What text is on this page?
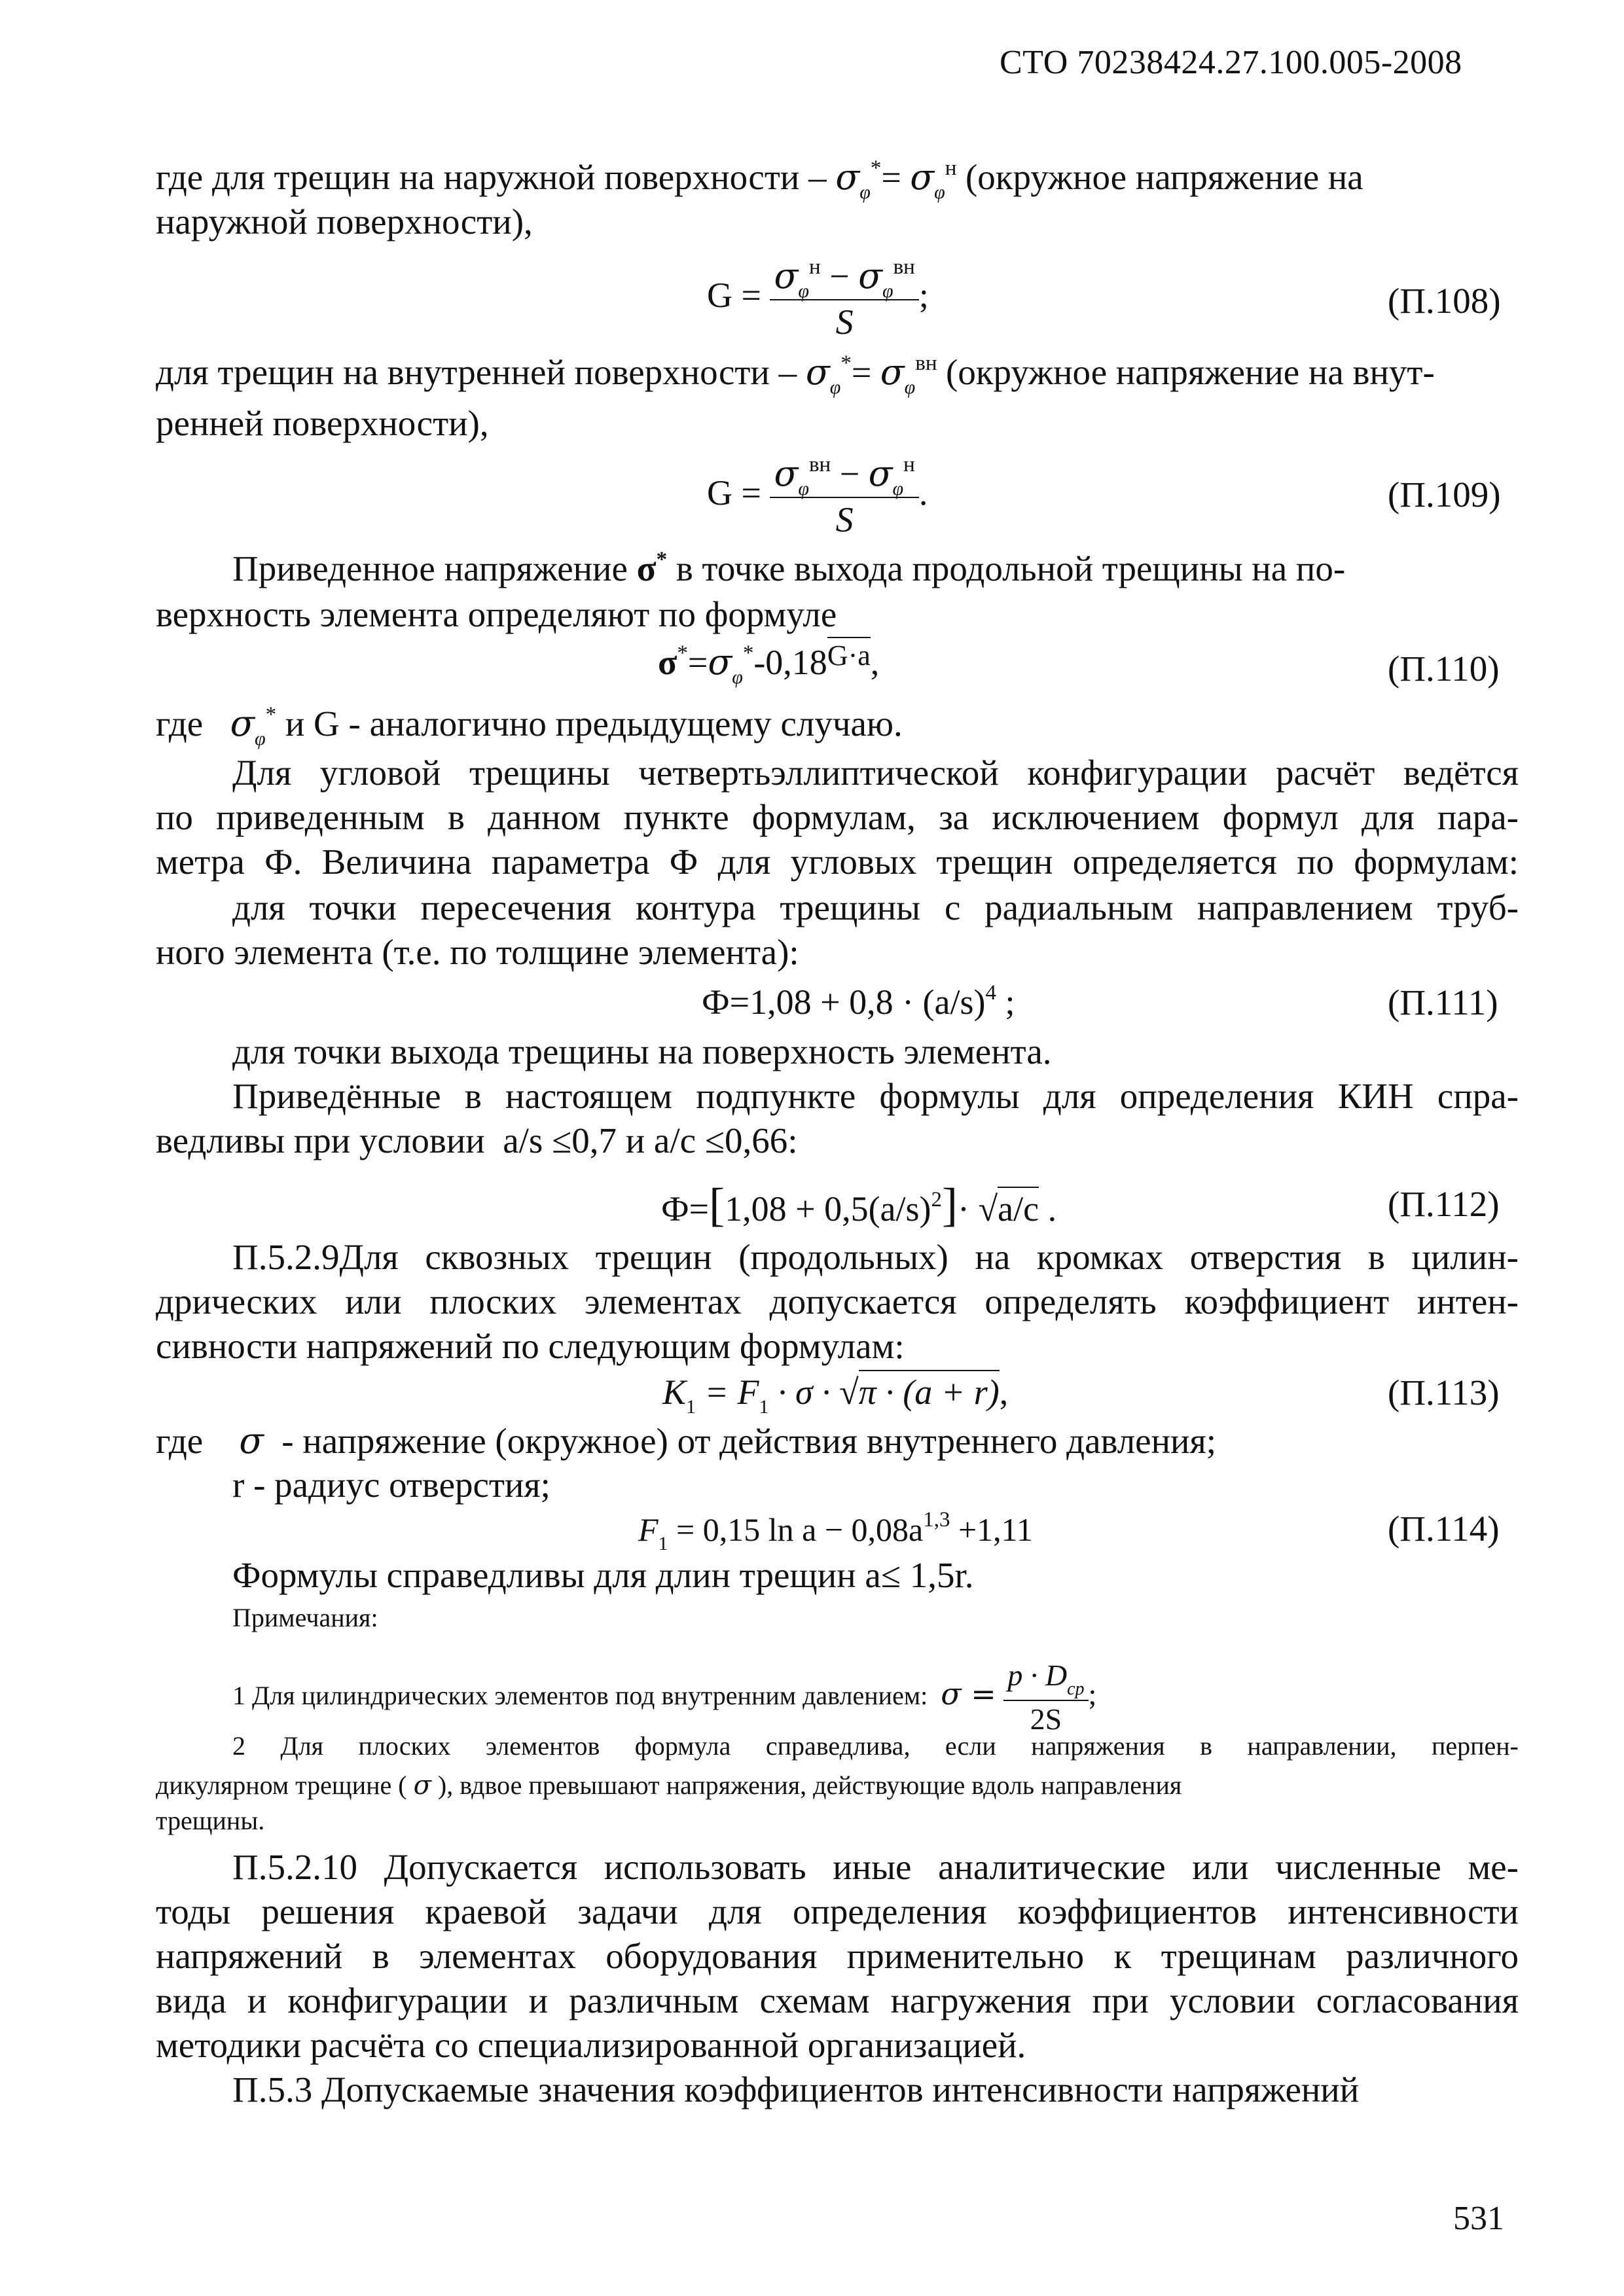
СТО 70238424.27.100.005-2008
где для трещин на наружной поверхности – $\sigma_\varphi^*= \sigma_\varphi^н$ (окружное напряжение на
наружной поверхности),
$G = \frac{\sigma_\varphi^н - \sigma_\varphi^{вн}}{S}$ ;	(П.108)
для трещин на внутренней поверхности – $\sigma_\varphi^*= \sigma_\varphi^{вн}$ (окружное напряжение на внут-
ренней поверхности),
$G = \frac{\sigma_\varphi^{вн} - \sigma_\varphi^н}{S}$ .	(П.109)
Приведенное напряжение σ* в точке выхода продольной трещины на по-
верхность элемента определяют по формуле
$\sigma^*=\sigma_\varphi^*-0,18^{G\cdot a}$,	(П.110)
где $\sigma_\varphi^*$ и G - аналогично предыдущему случаю.
Для угловой трещины четвертьэллиптической конфигурации расчёт ведётся
по приведенным в данном пункте формулам, за исключением формул для пара-
метра Ф. Величина параметра Ф для угловых трещин определяется по формулам:
для точки пересечения контура трещины с радиальным направлением труб-
ного элемента (т.е. по толщине элемента):
$Ф=1,08 + 0,8 \cdot (a/s)^4$ ;	(П.111)
для точки выхода трещины на поверхность элемента.
Приведённые в настоящем подпункте формулы для определения КИН спра-
ведливы при условии a/s ≤0,7 и a/c ≤0,66:
$Ф=[1,08 + 0,5(a/s)^2]\cdot √a/c$ .	(П.112)
П.5.2.9Для сквозных трещин (продольных) на кромках отверстия в цилин-
дрических или плоских элементах допускается определять коэффициент интен-
сивности напряжений по следующим формулам:
$K_1 = F_1 \cdot \sigma \cdot √\pi \cdot (a + r)$,	(П.113)
где σ - напряжение (окружное) от действия внутреннего давления;
r - радиус отверстия;
$F_1 = 0,15$ $\ln a - 0,08a^{1,3} +1,11$	(П.114)
Формулы справедливы для длин трещин a≤ 1,5r.
Примечания:
1 Для цилиндрических элементов под внутренним давлением: $\sigma = \frac{p \cdot D_{ср}}{2S}$ ;
2 Для плоских элементов формула справедлива, если напряжения в направлении, перпен-
дикулярном трещине ( σ ), вдвое превышают напряжения, действующие вдоль направления
трещины.
П.5.2.10 Допускается использовать иные аналитические или численные ме-
тоды решения краевой задачи для определения коэффициентов интенсивности
напряжений в элементах оборудования применительно к трещинам различного
вида и конфигурации и различным схемам нагружения при условии согласования
методики расчёта со специализированной организацией.
П.5.3 Допускаемые значения коэффициентов интенсивности напряжений
531
